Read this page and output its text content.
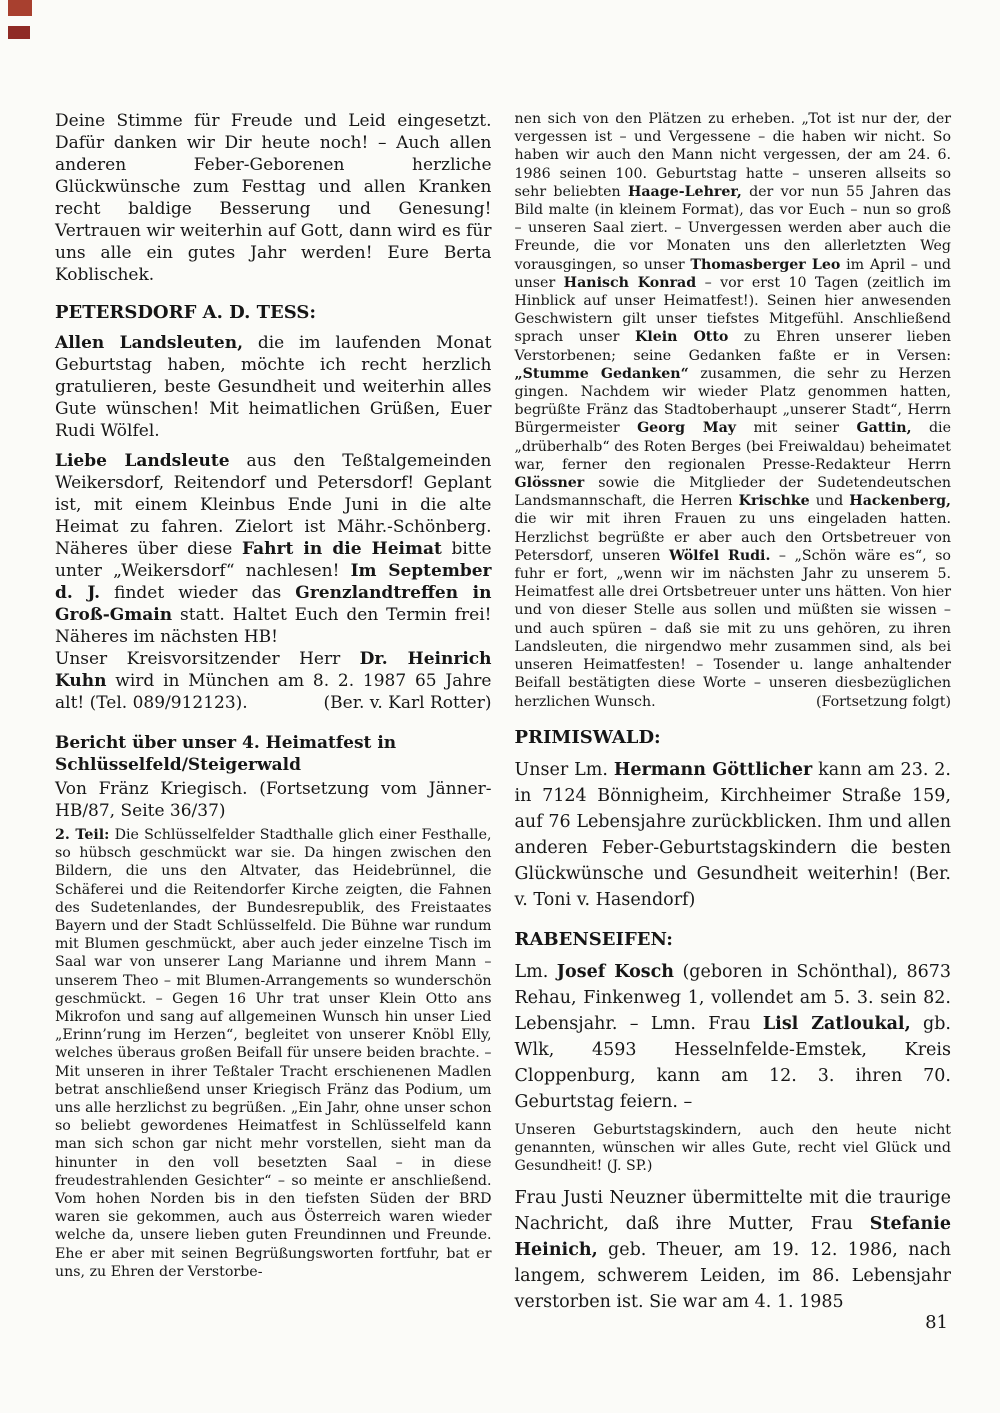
Deine Stimme für Freude und Leid eingesetzt. Dafür danken wir Dir heute noch! – Auch allen anderen Feber-Geborenen herzliche Glückwünsche zum Festtag und allen Kranken recht baldige Besserung und Genesung! Vertrauen wir weiterhin auf Gott, dann wird es für uns alle ein gutes Jahr werden! Eure Berta Koblischek.

PETERSDORF A. D. TESS:

Allen Landsleuten, die im laufenden Monat Geburtstag haben, möchte ich recht herzlich gratulieren, beste Gesundheit und weiterhin alles Gute wünschen! Mit heimatlichen Grüßen, Euer Rudi Wölfel.

Liebe Landsleute aus den Teßtalgemeinden Weikersdorf, Reitendorf und Petersdorf! Geplant ist, mit einem Kleinbus Ende Juni in die alte Heimat zu fahren. Zielort ist Mähr.-Schönberg. Näheres über diese Fahrt in die Heimat bitte unter „Weikersdorf“ nachlesen! Im September d. J. findet wieder das Grenzlandtreffen in Groß-Gmain statt. Haltet Euch den Termin frei! Näheres im nächsten HB!

Unser Kreisvorsitzender Herr Dr. Heinrich Kuhn wird in München am 8. 2. 1987 65 Jahre alt! (Tel. 089/912123).	(Ber. v. Karl Rotter)

Bericht über unser 4. Heimatfest in Schlüsselfeld/Steigerwald

Von Fränz Kriegisch. (Fortsetzung vom Jänner-HB/87, Seite 36/37)

2. Teil: Die Schlüsselfelder Stadthalle glich einer Festhalle, so hübsch geschmückt war sie. Da hingen zwischen den Bildern, die uns den Altvater, das Heidebrünnel, die Schäferei und die Reitendorfer Kirche zeigten, die Fahnen des Sudetenlandes, der Bundesrepublik, des Freistaates Bayern und der Stadt Schlüsselfeld. Die Bühne war rundum mit Blumen geschmückt, aber auch jeder einzelne Tisch im Saal war von unserer Lang Marianne und ihrem Mann – unserem Theo – mit Blumen-Arrangements so wunderschön geschmückt. – Gegen 16 Uhr trat unser Klein Otto ans Mikrofon und sang auf allgemeinen Wunsch hin unser Lied „Erinn’rung im Herzen“, begleitet von unserer Knöbl Elly, welches überaus großen Beifall für unsere beiden brachte. – Mit unseren in ihrer Teßtaler Tracht erschienenen Madlen betrat anschließend unser Kriegisch Fränz das Podium, um uns alle herzlichst zu begrüßen. „Ein Jahr, ohne unser schon so beliebt gewordenes Heimatfest in Schlüsselfeld kann man sich schon gar nicht mehr vorstellen, sieht man da hinunter in den voll besetzten Saal – in diese freudestrahlenden Gesichter“ – so meinte er anschließend. Vom hohen Norden bis in den tiefsten Süden der BRD waren sie gekommen, auch aus Österreich waren wieder welche da, unsere lieben guten Freundinnen und Freunde. Ehe er aber mit seinen Begrüßungsworten fortfuhr, bat er uns, zu Ehren der Verstorbe-

nen sich von den Plätzen zu erheben. „Tot ist nur der, der vergessen ist – und Vergessene – die haben wir nicht. So haben wir auch den Mann nicht vergessen, der am 24. 6. 1986 seinen 100. Geburtstag hatte – unseren allseits so sehr beliebten Haage-Lehrer, der vor nun 55 Jahren das Bild malte (in kleinem Format), das vor Euch – nun so groß – unseren Saal ziert. – Unvergessen werden aber auch die Freunde, die vor Monaten uns den allerletzten Weg vorausgingen, so unser Thomasberger Leo im April – und unser Hanisch Konrad – vor erst 10 Tagen (zeitlich im Hinblick auf unser Heimatfest!). Seinen hier anwesenden Geschwistern gilt unser tiefstes Mitgefühl. Anschließend sprach unser Klein Otto zu Ehren unserer lieben Verstorbenen; seine Gedanken faßte er in Versen: „Stumme Gedanken“ zusammen, die sehr zu Herzen gingen. Nachdem wir wieder Platz genommen hatten, begrüßte Fränz das Stadtoberhaupt „unserer Stadt“, Herrn Bürgermeister Georg May mit seiner Gattin, die „drüberhalb“ des Roten Berges (bei Freiwaldau) beheimatet war, ferner den regionalen Presse-Redakteur Herrn Glössner sowie die Mitglieder der Sudetendeutschen Landsmannschaft, die Herren Krischke und Hackenberg, die wir mit ihren Frauen zu uns eingeladen hatten. Herzlichst begrüßte er aber auch den Ortsbetreuer von Petersdorf, unseren Wölfel Rudi. – „Schön wäre es“, so fuhr er fort, „wenn wir im nächsten Jahr zu unserem 5. Heimatfest alle drei Ortsbetreuer unter uns hätten. Von hier und von dieser Stelle aus sollen und müßten sie wissen – und auch spüren – daß sie mit zu uns gehören, zu ihren Landsleuten, die nirgendwo mehr zusammen sind, als bei unseren Heimatfesten! – Tosender u. lange anhaltender Beifall bestätigten diese Worte – unseren diesbezüglichen herzlichen Wunsch.	(Fortsetzung folgt)

PRIMISWALD:

Unser Lm. Hermann Göttlicher kann am 23. 2. in 7124 Bönnigheim, Kirchheimer Straße 159, auf 76 Lebensjahre zurückblicken. Ihm und allen anderen Feber-Geburtstagskindern die besten Glückwünsche und Gesundheit weiterhin! (Ber. v. Toni v. Hasendorf)

RABENSEIFEN:

Lm. Josef Kosch (geboren in Schönthal), 8673 Rehau, Finkenweg 1, vollendet am 5. 3. sein 82. Lebensjahr. – Lmn. Frau Lisl Zatloukal, gb. Wlk, 4593 Hesselnfelde-Emstek, Kreis Cloppenburg, kann am 12. 3. ihren 70. Geburtstag feiern. –

Unseren Geburtstagskindern, auch den heute nicht genannten, wünschen wir alles Gute, recht viel Glück und Gesundheit! (J. SP.)

Frau Justi Neuzner übermittelte mit die traurige Nachricht, daß ihre Mutter, Frau Stefanie Heinich, geb. Theuer, am 19. 12. 1986, nach langem, schwerem Leiden, im 86. Lebensjahr verstorben ist. Sie war am 4. 1. 1985

81
